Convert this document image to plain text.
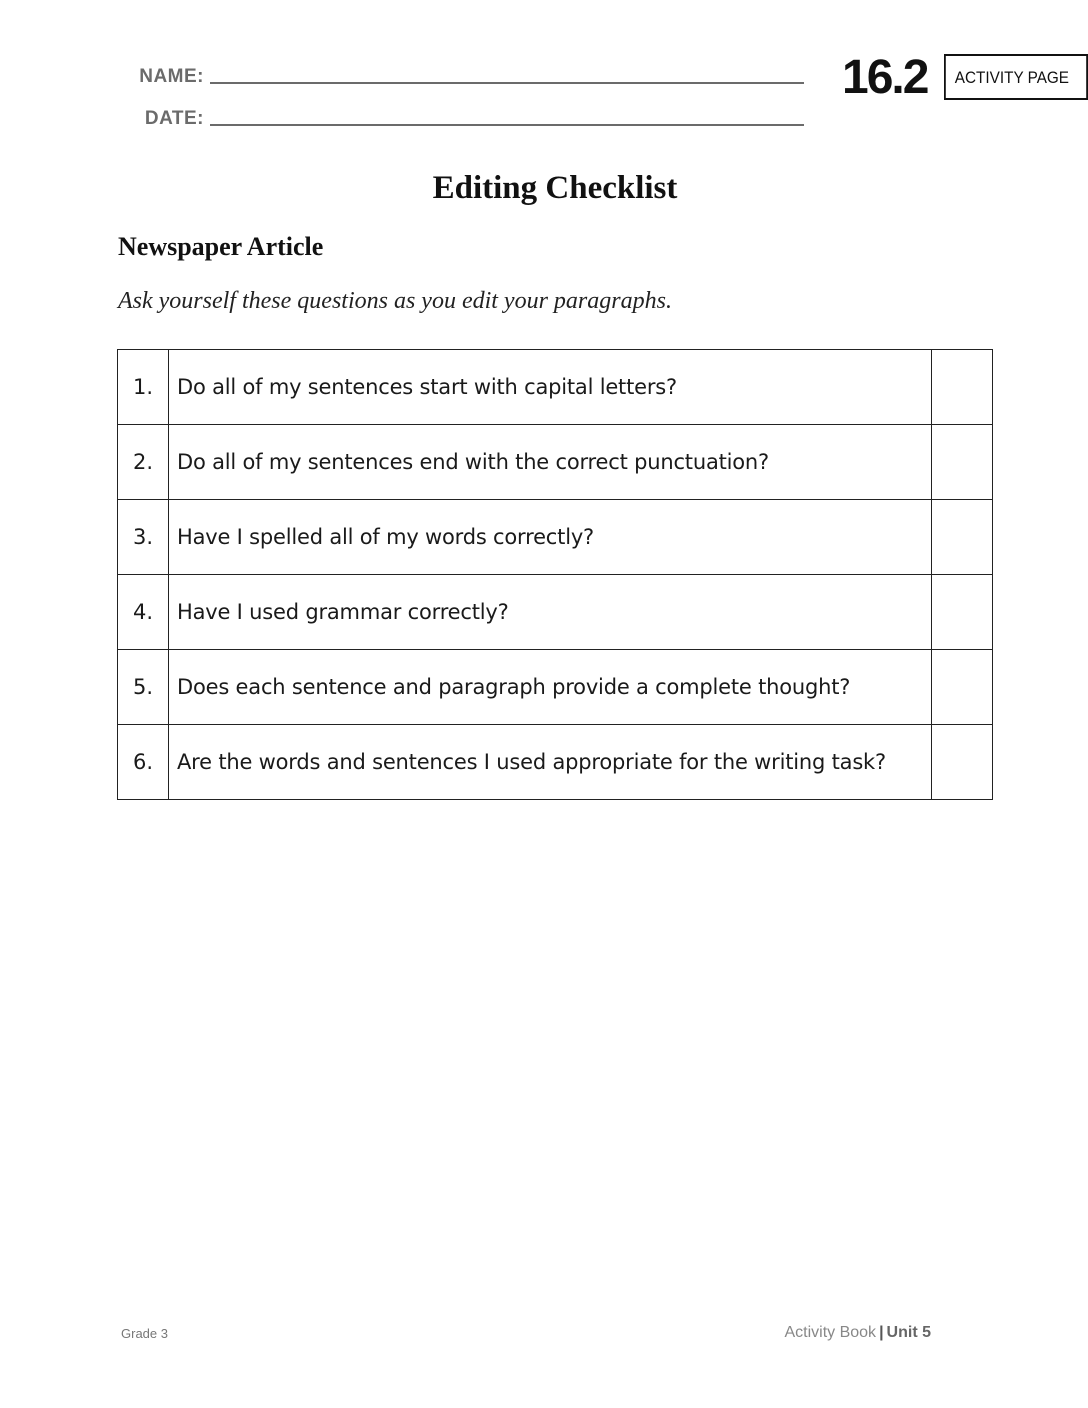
NAME:
DATE:
16.2	ACTIVITY PAGE
Editing Checklist
Newspaper Article
Ask yourself these questions as you edit your paragraphs.
1.	Do all of my sentences start with capital letters?	
2.	Do all of my sentences end with the correct punctuation?	
3.	Have I spelled all of my words correctly?	
4.	Have I used grammar correctly?	
5.	Does each sentence and paragraph provide a complete thought?	
6.	Are the words and sentences I used appropriate for the writing task?	
Grade 3	Activity Book | Unit 5
